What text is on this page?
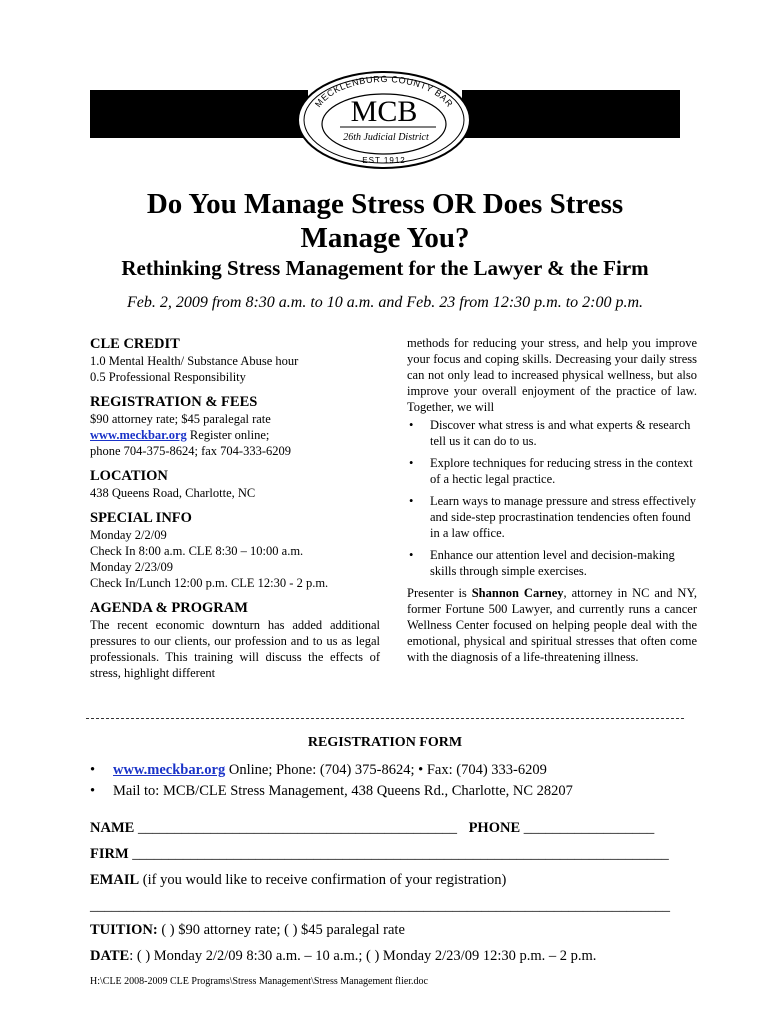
MECKLENBURG COUNTY BAR
MCB
26th Judicial District
EST 1912
Do You Manage Stress OR Does Stress
Manage You?
Rethinking Stress Management for the Lawyer & the Firm
Feb. 2, 2009 from 8:30 a.m. to 10 a.m. and Feb. 23 from 12:30 p.m. to 2:00 p.m.
CLE CREDIT
1.0 Mental Health/ Substance Abuse hour
0.5 Professional Responsibility
REGISTRATION & FEES
$90 attorney rate; $45 paralegal rate
www.meckbar.org Register online;
phone 704-375-8624; fax 704-333-6209
LOCATION
438 Queens Road, Charlotte, NC
SPECIAL INFO
Monday 2/2/09
Check In 8:00 a.m. CLE 8:30 – 10:00 a.m.
Monday 2/23/09
Check In/Lunch 12:00 p.m. CLE 12:30 - 2 p.m.
AGENDA & PROGRAM
The recent economic downturn has added additional pressures to our clients, our profession and to us as legal professionals. This training will discuss the effects of stress, highlight different
methods for reducing your stress, and help you improve your focus and coping skills. Decreasing your daily stress can not only lead to increased physical wellness, but also improve your overall enjoyment of the practice of law. Together, we will
• Discover what stress is and what experts & research tell us it can do to us.
• Explore techniques for reducing stress in the context of a hectic legal practice.
• Learn ways to manage pressure and stress effectively and side-step procrastination tendencies often found in a law office.
• Enhance our attention level and decision-making skills through simple exercises.
Presenter is Shannon Carney, attorney in NC and NY, former Fortune 500 Lawyer, and currently runs a cancer Wellness Center focused on helping people deal with the emotional, physical and spiritual stresses that often come with the diagnosis of a life-threatening illness.
REGISTRATION FORM
• www.meckbar.org Online; Phone: (704) 375-8624; • Fax: (704) 333-6209
• Mail to: MCB/CLE Stress Management, 438 Queens Rd., Charlotte, NC 28207
NAME ____________________________________________ PHONE __________________
FIRM __________________________________________________________________________
EMAIL (if you would like to receive confirmation of your registration)
________________________________________________________________________________
TUITION: ( ) $90 attorney rate; ( ) $45 paralegal rate
DATE: ( ) Monday 2/2/09 8:30 a.m. – 10 a.m.; ( ) Monday 2/23/09 12:30 p.m. – 2 p.m.
H:\CLE 2008-2009 CLE Programs\Stress Management\Stress Management flier.doc
